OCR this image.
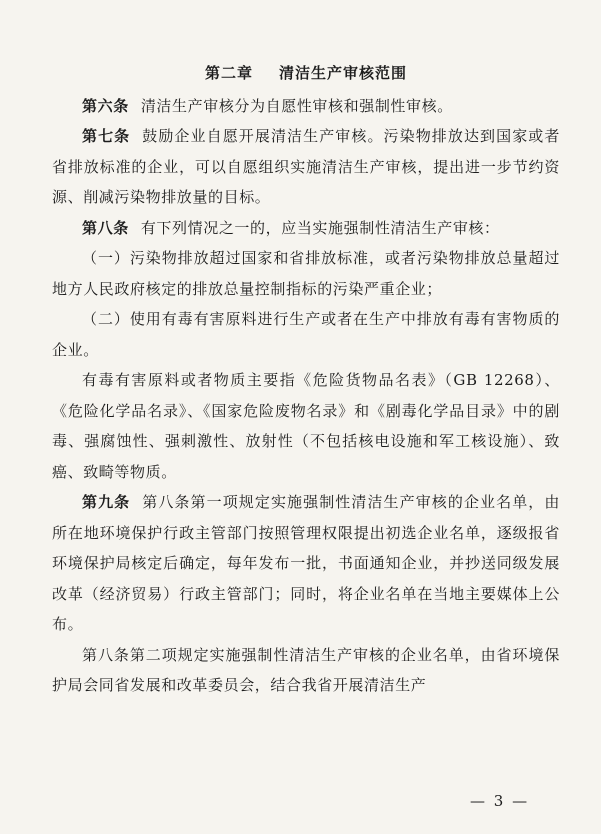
第二章 清洁生产审核范围

第六条 清洁生产审核分为自愿性审核和强制性审核。

第七条 鼓励企业自愿开展清洁生产审核。污染物排放达到国家或者省排放标准的企业，可以自愿组织实施清洁生产审核，提出进一步节约资源、削减污染物排放量的目标。

第八条 有下列情况之一的，应当实施强制性清洁生产审核：

（一）污染物排放超过国家和省排放标准，或者污染物排放总量超过地方人民政府核定的排放总量控制指标的污染严重企业；

（二）使用有毒有害原料进行生产或者在生产中排放有毒有害物质的企业。

有毒有害原料或者物质主要指《危险货物品名表》（GB 12268）、《危险化学品名录》、《国家危险废物名录》和《剧毒化学品目录》中的剧毒、强腐蚀性、强刺激性、放射性（不包括核电设施和军工核设施）、致癌、致畸等物质。

第九条 第八条第一项规定实施强制性清洁生产审核的企业名单，由所在地环境保护行政主管部门按照管理权限提出初选企业名单，逐级报省环境保护局核定后确定，每年发布一批，书面通知企业，并抄送同级发展改革（经济贸易）行政主管部门；同时，将企业名单在当地主要媒体上公布。

第八条第二项规定实施强制性清洁生产审核的企业名单，由省环境保护局会同省发展和改革委员会，结合我省开展清洁生产

— 3 —
